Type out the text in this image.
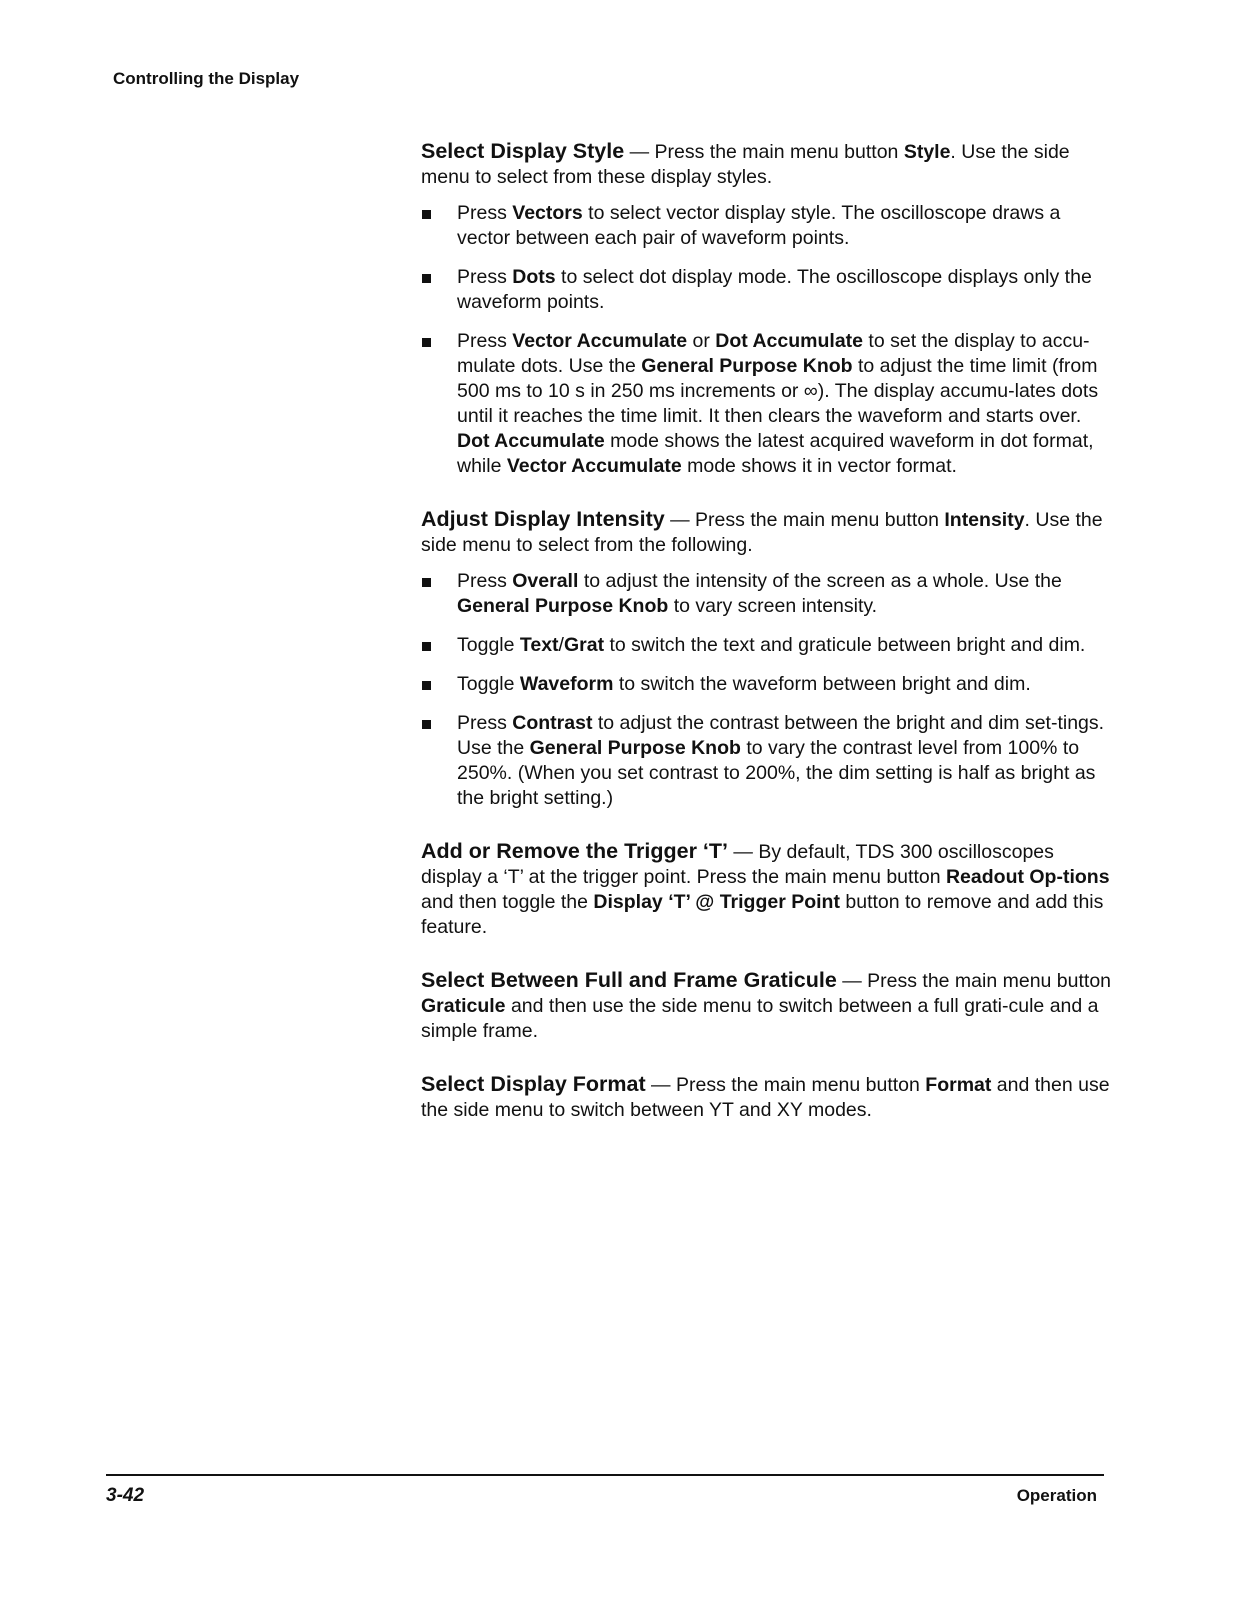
Controlling the Display

Select Display Style — Press the main menu button Style. Use the side menu to select from these display styles.

Press Vectors to select vector display style. The oscilloscope draws a vector between each pair of waveform points.
Press Dots to select dot display mode. The oscilloscope displays only the waveform points.
Press Vector Accumulate or Dot Accumulate to set the display to accu-mulate dots. Use the General Purpose Knob to adjust the time limit (from 500 ms to 10 s in 250 ms increments or ∞). The display accumu-lates dots until it reaches the time limit. It then clears the waveform and starts over. Dot Accumulate mode shows the latest acquired waveform in dot format, while Vector Accumulate mode shows it in vector format.

Adjust Display Intensity — Press the main menu button Intensity. Use the side menu to select from the following.

Press Overall to adjust the intensity of the screen as a whole. Use the General Purpose Knob to vary screen intensity.
Toggle Text/Grat to switch the text and graticule between bright and dim.
Toggle Waveform to switch the waveform between bright and dim.
Press Contrast to adjust the contrast between the bright and dim set-tings. Use the General Purpose Knob to vary the contrast level from 100% to 250%. (When you set contrast to 200%, the dim setting is half as bright as the bright setting.)

Add or Remove the Trigger ‘T’ — By default, TDS 300 oscilloscopes display a ‘T’ at the trigger point. Press the main menu button Readout Op-tions and then toggle the Display ‘T’ @ Trigger Point button to remove and add this feature.

Select Between Full and Frame Graticule — Press the main menu button Graticule and then use the side menu to switch between a full grati-cule and a simple frame.

Select Display Format — Press the main menu button Format and then use the side menu to switch between YT and XY modes.

3-42	Operation
